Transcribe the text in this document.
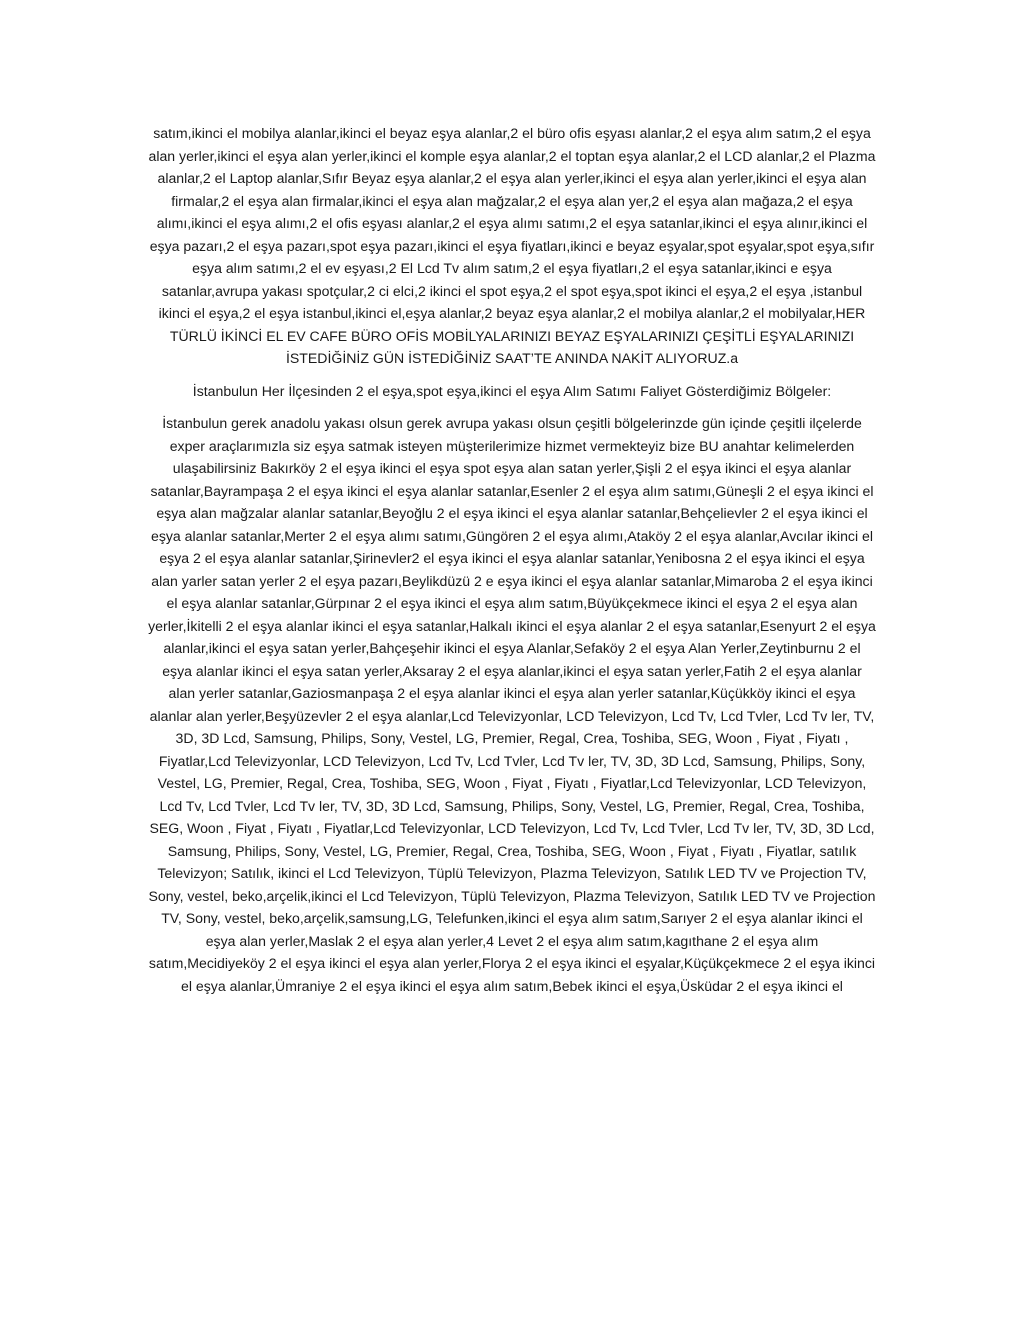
satım,ikinci el mobilya alanlar,ikinci el beyaz eşya alanlar,2 el büro ofis eşyası alanlar,2 el eşya alım satım,2 el eşya alan yerler,ikinci el eşya alan yerler,ikinci el komple eşya alanlar,2 el toptan eşya alanlar,2 el LCD alanlar,2 el Plazma alanlar,2 el Laptop alanlar,Sıfır Beyaz eşya alanlar,2 el eşya alan yerler,ikinci el eşya alan yerler,ikinci el eşya alan firmalar,2 el eşya alan firmalar,ikinci el eşya alan mağzalar,2 el eşya alan yer,2 el eşya alan mağaza,2 el eşya alımı,ikinci el eşya alımı,2 el ofis eşyası alanlar,2 el eşya alımı satımı,2 el eşya satanlar,ikinci el eşya alınır,ikinci el eşya pazarı,2 el eşya pazarı,spot eşya pazarı,ikinci el eşya fiyatları,ikinci e beyaz eşyalar,spot eşyalar,spot eşya,sıfır eşya alım satımı,2 el ev eşyası,2 El Lcd Tv alım satım,2 el eşya fiyatları,2 el eşya satanlar,ikinci e eşya satanlar,avrupa yakası spotçular,2 ci elci,2 ikinci el spot eşya,2 el spot eşya,spot ikinci el eşya,2 el eşya ,istanbul ikinci el eşya,2 el eşya istanbul,ikinci el,eşya alanlar,2 beyaz eşya alanlar,2 el mobilya alanlar,2 el mobilyalar,HER TÜRLÜ İKİNCİ EL EV CAFE BÜRO OFİS MOBİLYALARINIZI BEYAZ EŞYALARINIZI ÇEŞİTLİ EŞYALARINIZI İSTEDİĞİNİZ GÜN İSTEDİĞİNİZ SAAT’TE ANINDA NAKİT ALIYORUZ.a

İstanbulun Her İlçesinden 2 el eşya,spot eşya,ikinci el eşya Alım Satımı Faliyet Gösterdiğimiz Bölgeler:

İstanbulun gerek anadolu yakası olsun gerek avrupa yakası olsun çeşitli bölgelerinzde gün içinde çeşitli ilçelerde exper araçlarımızla siz eşya satmak isteyen müşterilerimize hizmet vermekteyiz bize BU anahtar kelimelerden ulaşabilirsiniz Bakırköy 2 el eşya ikinci el eşya spot eşya alan satan yerler,Şişli 2 el eşya ikinci el eşya alanlar satanlar,Bayrampaşa 2 el eşya ikinci el eşya alanlar satanlar,Esenler 2 el eşya alım satımı,Güneşli 2 el eşya ikinci el eşya alan mağzalar alanlar satanlar,Beyoğlu 2 el eşya ikinci el eşya alanlar satanlar,Behçelievler 2 el eşya ikinci el eşya alanlar satanlar,Merter 2 el eşya alımı satımı,Güngören 2 el eşya alımı,Ataköy 2 el eşya alanlar,Avcılar ikinci el eşya 2 el eşya alanlar satanlar,Şirinevler2 el eşya ikinci el eşya alanlar satanlar,Yenibosna 2 el eşya ikinci el eşya alan yarler satan yerler 2 el eşya pazarı,Beylikdüzü 2 e eşya ikinci el eşya alanlar satanlar,Mimaroba 2 el eşya ikinci el eşya alanlar satanlar,Gürpınar 2 el eşya ikinci el eşya alım satım,Büyükçekmece ikinci el eşya 2 el eşya alan yerler,İkitelli 2 el eşya alanlar ikinci el eşya satanlar,Halkalı ikinci el eşya alanlar 2 el eşya satanlar,Esenyurt 2 el eşya alanlar,ikinci el eşya satan yerler,Bahçeşehir ikinci el eşya Alanlar,Sefaköy 2 el eşya Alan Yerler,Zeytinburnu 2 el eşya alanlar ikinci el eşya satan yerler,Aksaray 2 el eşya alanlar,ikinci el eşya satan yerler,Fatih 2 el eşya alanlar alan yerler satanlar,Gaziosmanpaşa 2 el eşya alanlar ikinci el eşya alan yerler satanlar,Küçükköy ikinci el eşya alanlar alan yerler,Beşyüzevler 2 el eşya alanlar,Lcd Televizyonlar, LCD Televizyon, Lcd Tv, Lcd Tvler, Lcd Tv ler, TV, 3D, 3D Lcd, Samsung, Philips, Sony, Vestel, LG, Premier, Regal, Crea, Toshiba, SEG, Woon , Fiyat , Fiyatı , Fiyatlar,Lcd Televizyonlar, LCD Televizyon, Lcd Tv, Lcd Tvler, Lcd Tv ler, TV, 3D, 3D Lcd, Samsung, Philips, Sony, Vestel, LG, Premier, Regal, Crea, Toshiba, SEG, Woon , Fiyat , Fiyatı , Fiyatlar,Lcd Televizyonlar, LCD Televizyon, Lcd Tv, Lcd Tvler, Lcd Tv ler, TV, 3D, 3D Lcd, Samsung, Philips, Sony, Vestel, LG, Premier, Regal, Crea, Toshiba, SEG, Woon , Fiyat , Fiyatı , Fiyatlar,Lcd Televizyonlar, LCD Televizyon, Lcd Tv, Lcd Tvler, Lcd Tv ler, TV, 3D, 3D Lcd, Samsung, Philips, Sony, Vestel, LG, Premier, Regal, Crea, Toshiba, SEG, Woon , Fiyat , Fiyatı , Fiyatlar, satılık Televizyon; Satılık, ikinci el Lcd Televizyon, Tüplü Televizyon, Plazma Televizyon, Satılık LED TV ve Projection TV, Sony, vestel, beko,arçelik,ikinci el Lcd Televizyon, Tüplü Televizyon, Plazma Televizyon, Satılık LED TV ve Projection TV, Sony, vestel, beko,arçelik,samsung,LG, Telefunken,ikinci el eşya alım satım,Sarıyer 2 el eşya alanlar ikinci el eşya alan yerler,Maslak 2 el eşya alan yerler,4 Levet 2 el eşya alım satım,kagıthane 2 el eşya alım satım,Mecidiyeköy 2 el eşya ikinci el eşya alan yerler,Florya 2 el eşya ikinci el eşyalar,Küçükçekmece 2 el eşya ikinci el eşya alanlar,Ümraniye 2 el eşya ikinci el eşya alım satım,Bebek ikinci el eşya,Üsküdar 2 el eşya ikinci el
